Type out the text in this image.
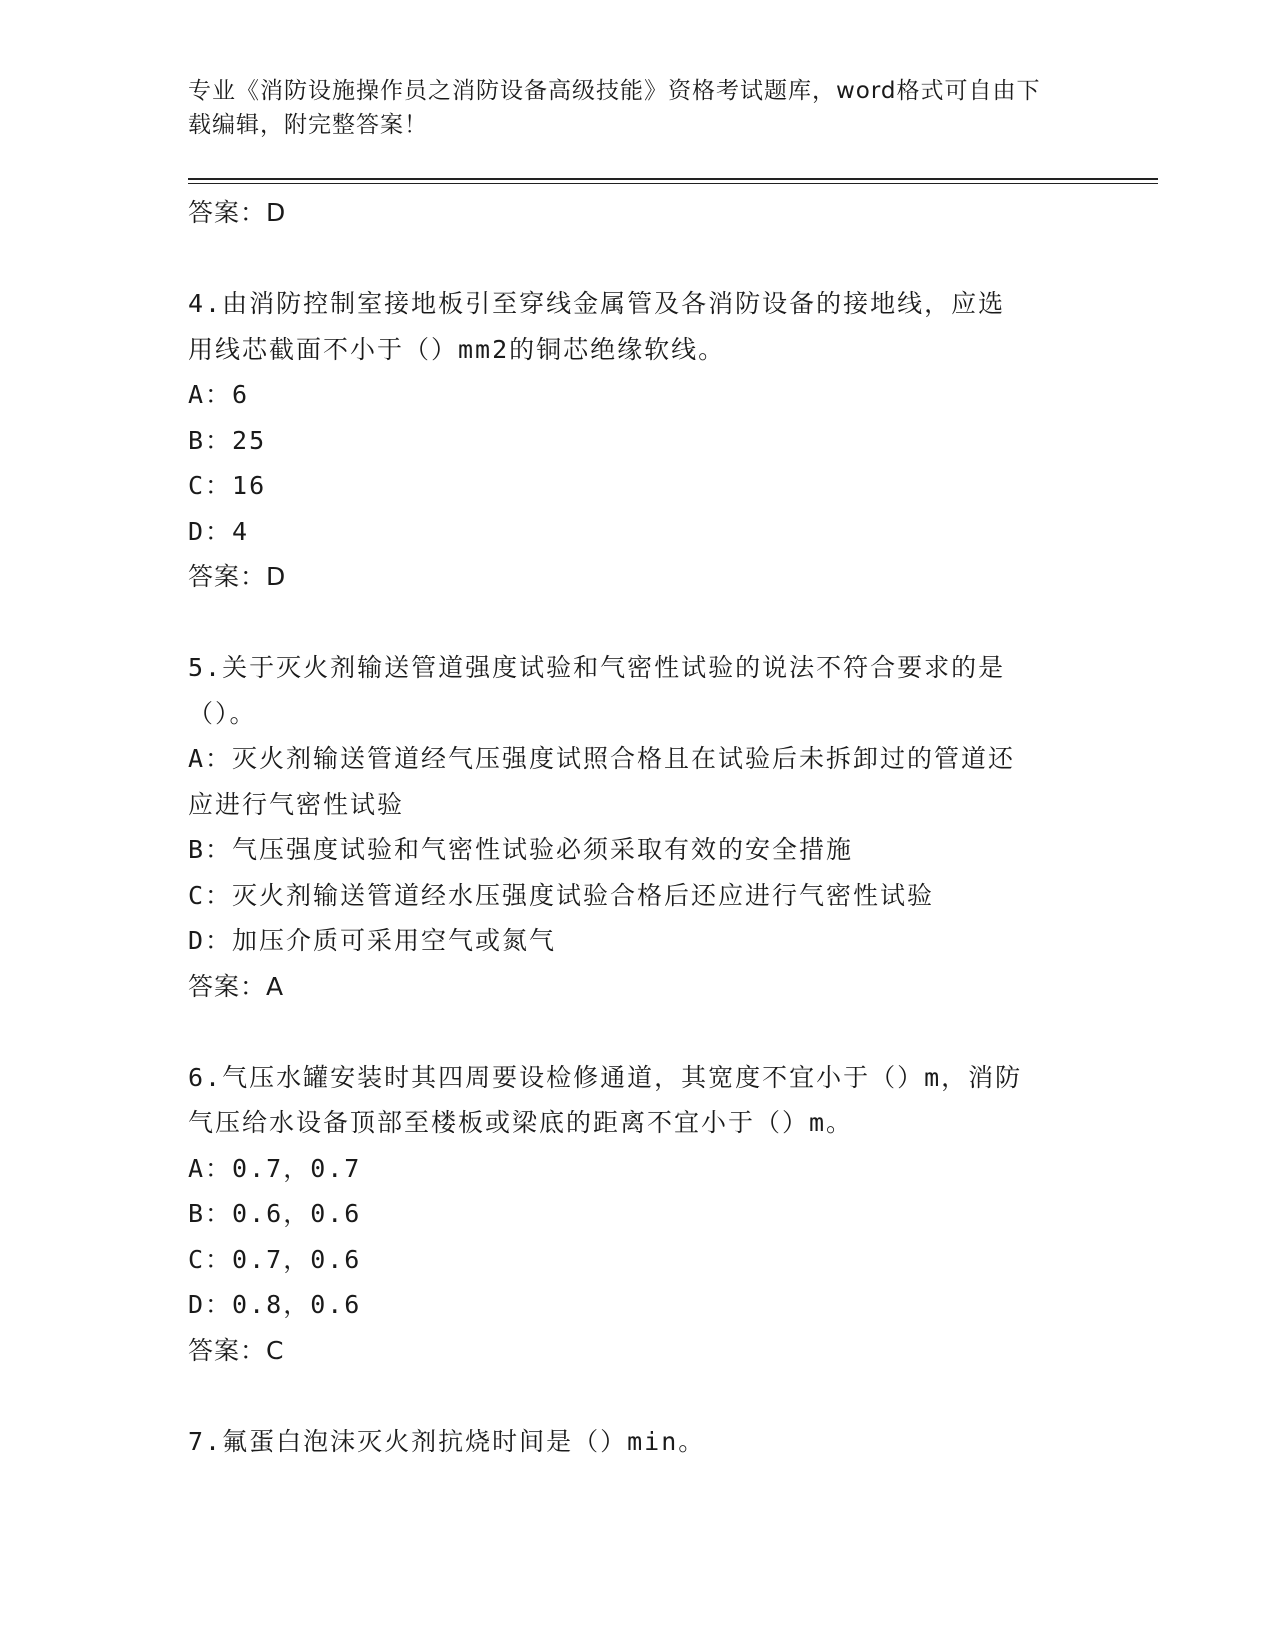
专业《消防设施操作员之消防设备高级技能》资格考试题库，word格式可自由下
载编辑，附完整答案！
答案：D
4.由消防控制室接地板引至穿线金属管及各消防设备的接地线，应选
用线芯截面不小于（）mm2的铜芯绝缘软线。
A：6
B：25
C：16
D：4
答案：D
5.关于灭火剂输送管道强度试验和气密性试验的说法不符合要求的是
（）。
A：灭火剂输送管道经气压强度试照合格且在试验后未拆卸过的管道还
应进行气密性试验
B：气压强度试验和气密性试验必须采取有效的安全措施
C：灭火剂输送管道经水压强度试验合格后还应进行气密性试验
D：加压介质可采用空气或氮气
答案：A
6.气压水罐安装时其四周要设检修通道，其宽度不宜小于（）m，消防
气压给水设备顶部至楼板或梁底的距离不宜小于（）m。
A：0.7，0.7
B：0.6，0.6
C：0.7，0.6
D：0.8，0.6
答案：C
7.氟蛋白泡沫灭火剂抗烧时间是（）min。
